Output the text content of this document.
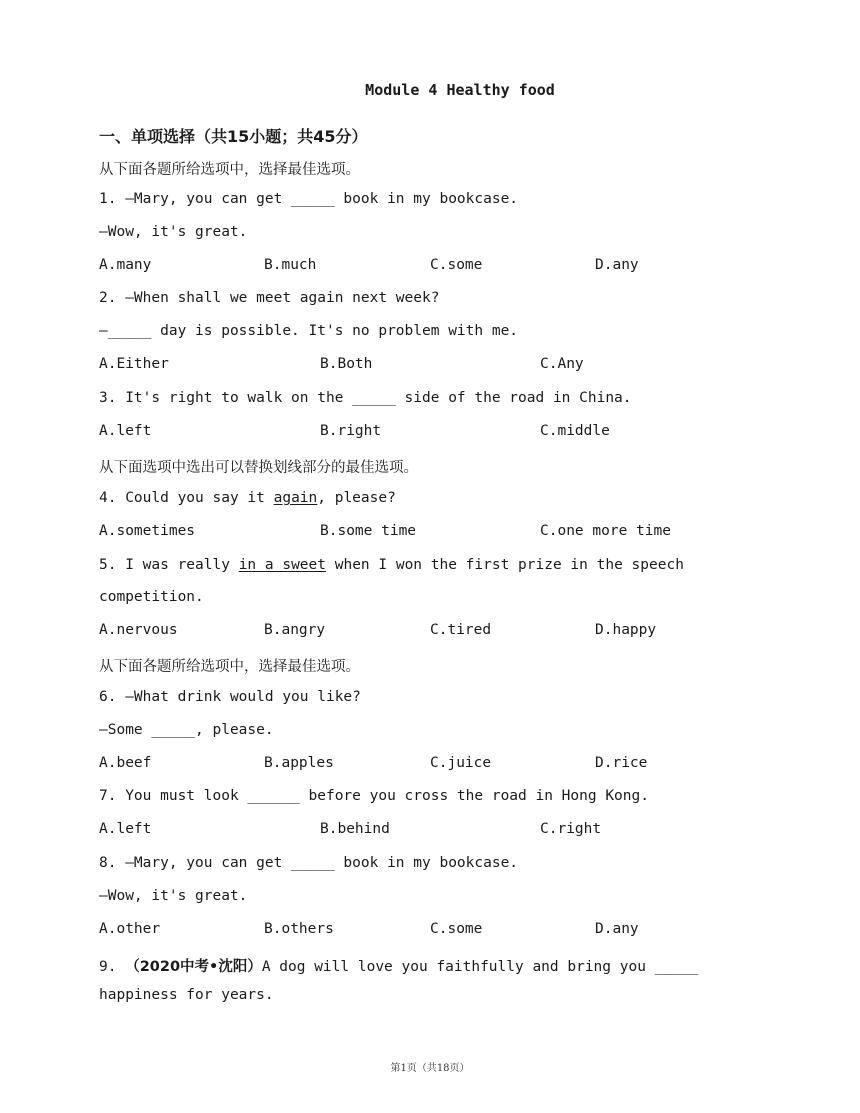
Module 4 Healthy food
一、单项选择（共15小题；共45分）
从下面各题所给选项中，选择最佳选项。
1. —Mary, you can get _____ book in my bookcase.
—Wow, it's great.
A.many	B.much	C.some	D.any
2. —When shall we meet again next week?
—_____ day is possible. It's no problem with me.
A.Either	B.Both	C.Any
3. It's right to walk on the _____ side of the road in China.
A.left	B.right	C.middle
从下面选项中选出可以替换划线部分的最佳选项。
4. Could you say it again, please?
A.sometimes	B.some time	C.one more time
5. I was really in a sweet when I won the first prize in the speech
competition.
A.nervous	B.angry	C.tired	D.happy
从下面各题所给选项中，选择最佳选项。
6. —What drink would you like?
—Some _____, please.
A.beef	B.apples	C.juice	D.rice
7. You must look ______ before you cross the road in Hong Kong.
A.left	B.behind	C.right
8. —Mary, you can get _____ book in my bookcase.
—Wow, it's great.
A.other	B.others	C.some	D.any
9. （2020中考•沈阳）A dog will love you faithfully and bring you _____
happiness for years.
第1页（共18页）
